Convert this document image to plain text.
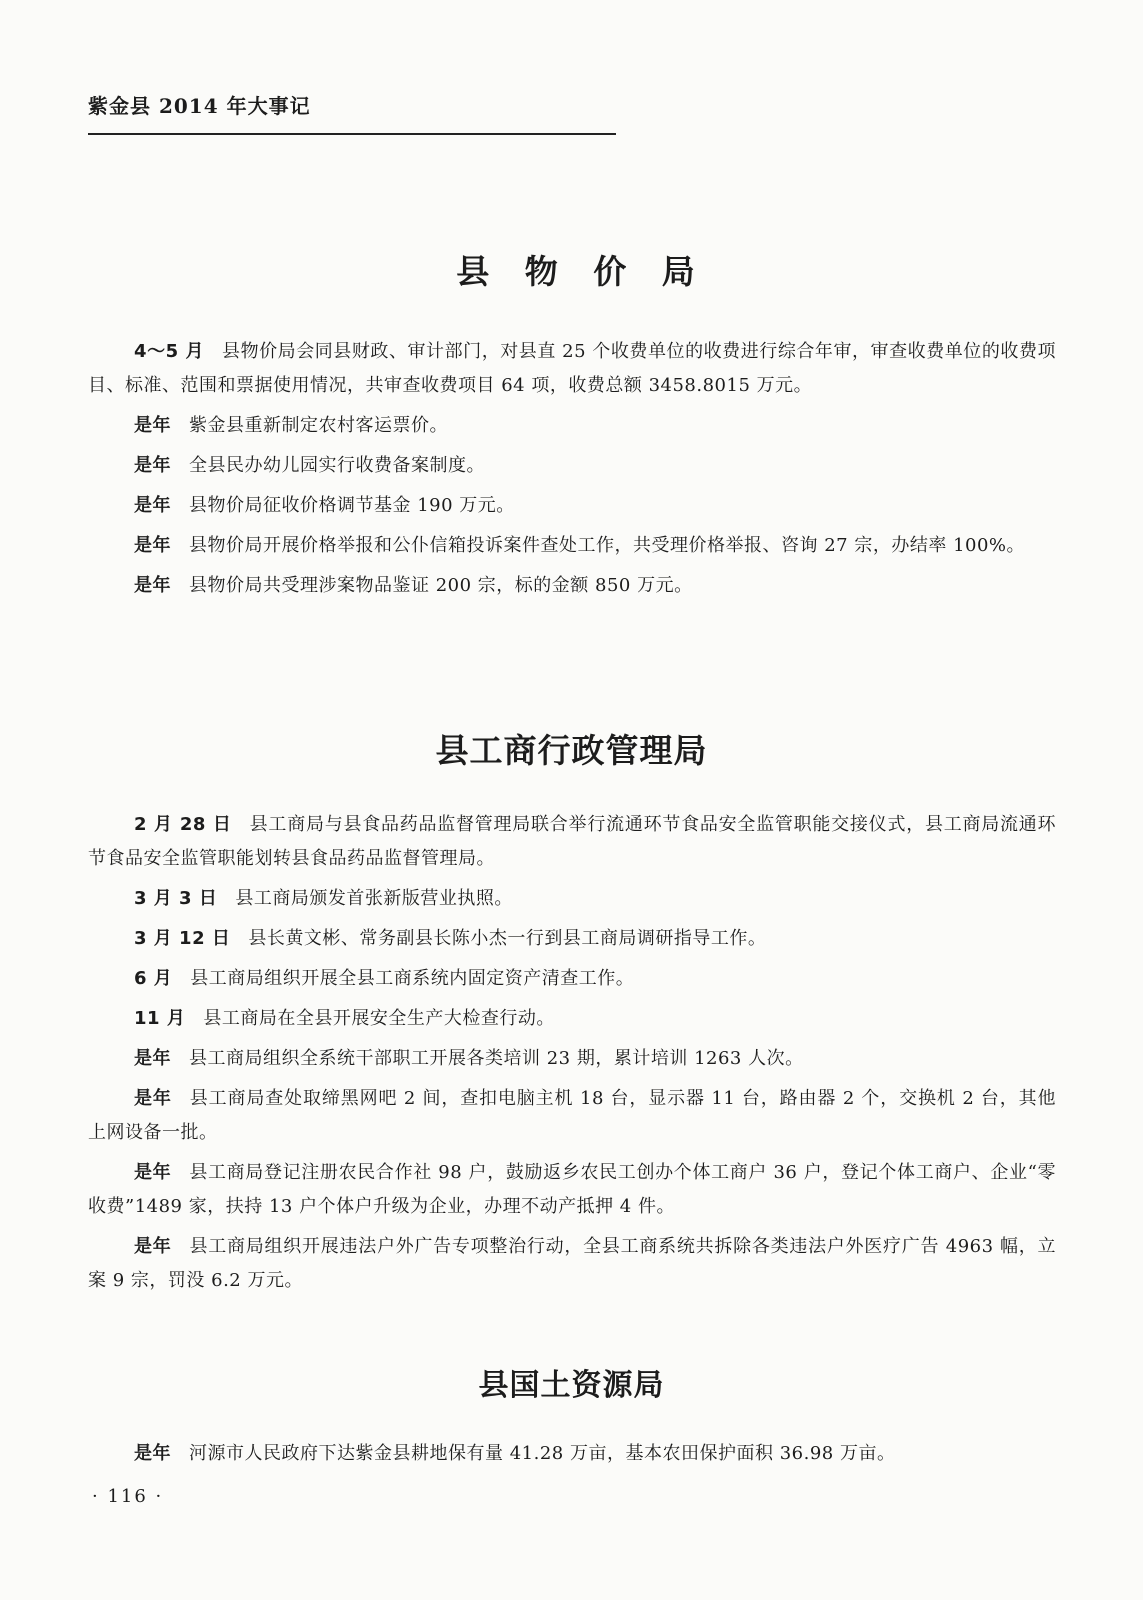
紫金县 2014 年大事记
县 物 价 局

4～5 月 县物价局会同县财政、审计部门，对县直 25 个收费单位的收费进行综合年审，审查收费单位的收费项目、标准、范围和票据使用情况，共审查收费项目 64 项，收费总额 3458.8015 万元。

是年 紫金县重新制定农村客运票价。

是年 全县民办幼儿园实行收费备案制度。

是年 县物价局征收价格调节基金 190 万元。

是年 县物价局开展价格举报和公仆信箱投诉案件查处工作，共受理价格举报、咨询 27 宗，办结率 100%。

是年 县物价局共受理涉案物品鉴证 200 宗，标的金额 850 万元。

县工商行政管理局

2 月 28 日 县工商局与县食品药品监督管理局联合举行流通环节食品安全监管职能交接仪式，县工商局流通环节食品安全监管职能划转县食品药品监督管理局。

3 月 3 日 县工商局颁发首张新版营业执照。

3 月 12 日 县长黄文彬、常务副县长陈小杰一行到县工商局调研指导工作。

6 月 县工商局组织开展全县工商系统内固定资产清查工作。

11 月 县工商局在全县开展安全生产大检查行动。

是年 县工商局组织全系统干部职工开展各类培训 23 期，累计培训 1263 人次。

是年 县工商局查处取缔黑网吧 2 间，查扣电脑主机 18 台，显示器 11 台，路由器 2 个，交换机 2 台，其他上网设备一批。

是年 县工商局登记注册农民合作社 98 户，鼓励返乡农民工创办个体工商户 36 户，登记个体工商户、企业“零收费”1489 家，扶持 13 户个体户升级为企业，办理不动产抵押 4 件。

是年 县工商局组织开展违法户外广告专项整治行动，全县工商系统共拆除各类违法户外医疗广告 4963 幅，立案 9 宗，罚没 6.2 万元。

县国土资源局

是年 河源市人民政府下达紫金县耕地保有量 41.28 万亩，基本农田保护面积 36.98 万亩。

· 116 ·
